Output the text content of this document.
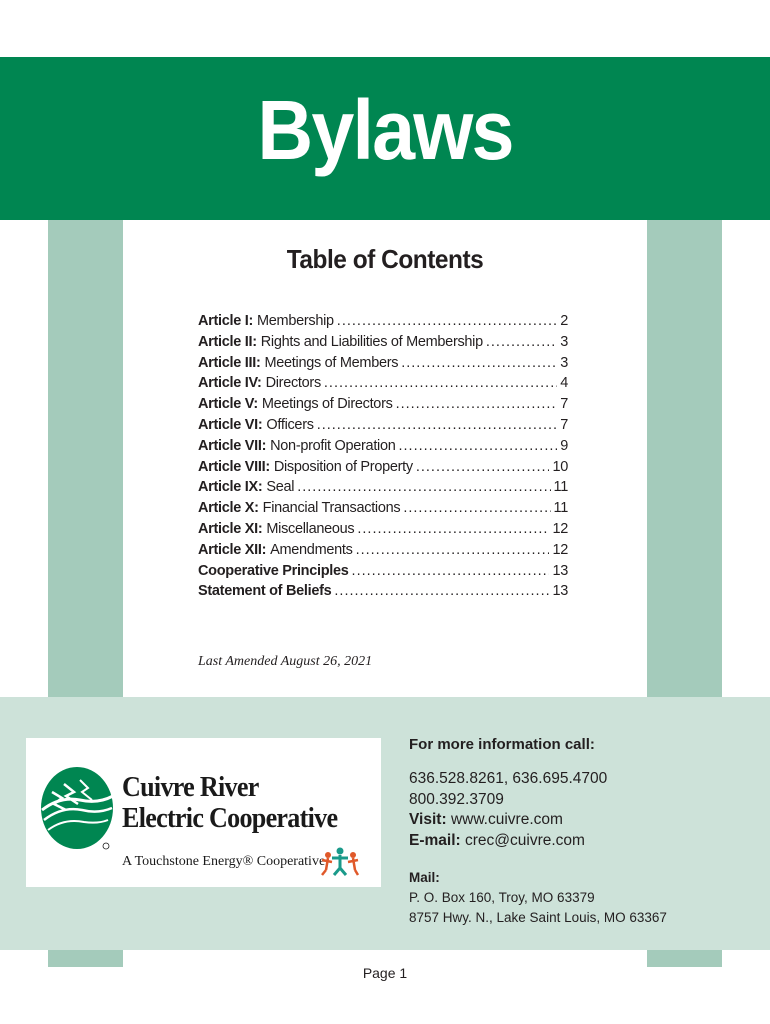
Bylaws
Table of Contents
Article I: Membership .....	2
Article II: Rights and Liabilities of Membership .....	3
Article III: Meetings of Members .....	3
Article IV: Directors .....	4
Article V: Meetings of Directors .....	7
Article VI: Officers .....	7
Article VII: Non-profit Operation .....	9
Article VIII: Disposition of Property .....	10
Article IX: Seal .....	11
Article X: Financial Transactions .....	11
Article XI: Miscellaneous .....	12
Article XII: Amendments .....	12
Cooperative Principles .....	13
Statement of Beliefs .....	13
Last Amended August 26, 2021
Cuivre River
Electric Cooperative
A Touchstone Energy® Cooperative
For more information call:
636.528.8261, 636.695.4700
800.392.3709
Visit: www.cuivre.com
E-mail: crec@cuivre.com
Mail:
P. O. Box 160, Troy, MO 63379
8757 Hwy. N., Lake Saint Louis, MO 63367
Page 1
